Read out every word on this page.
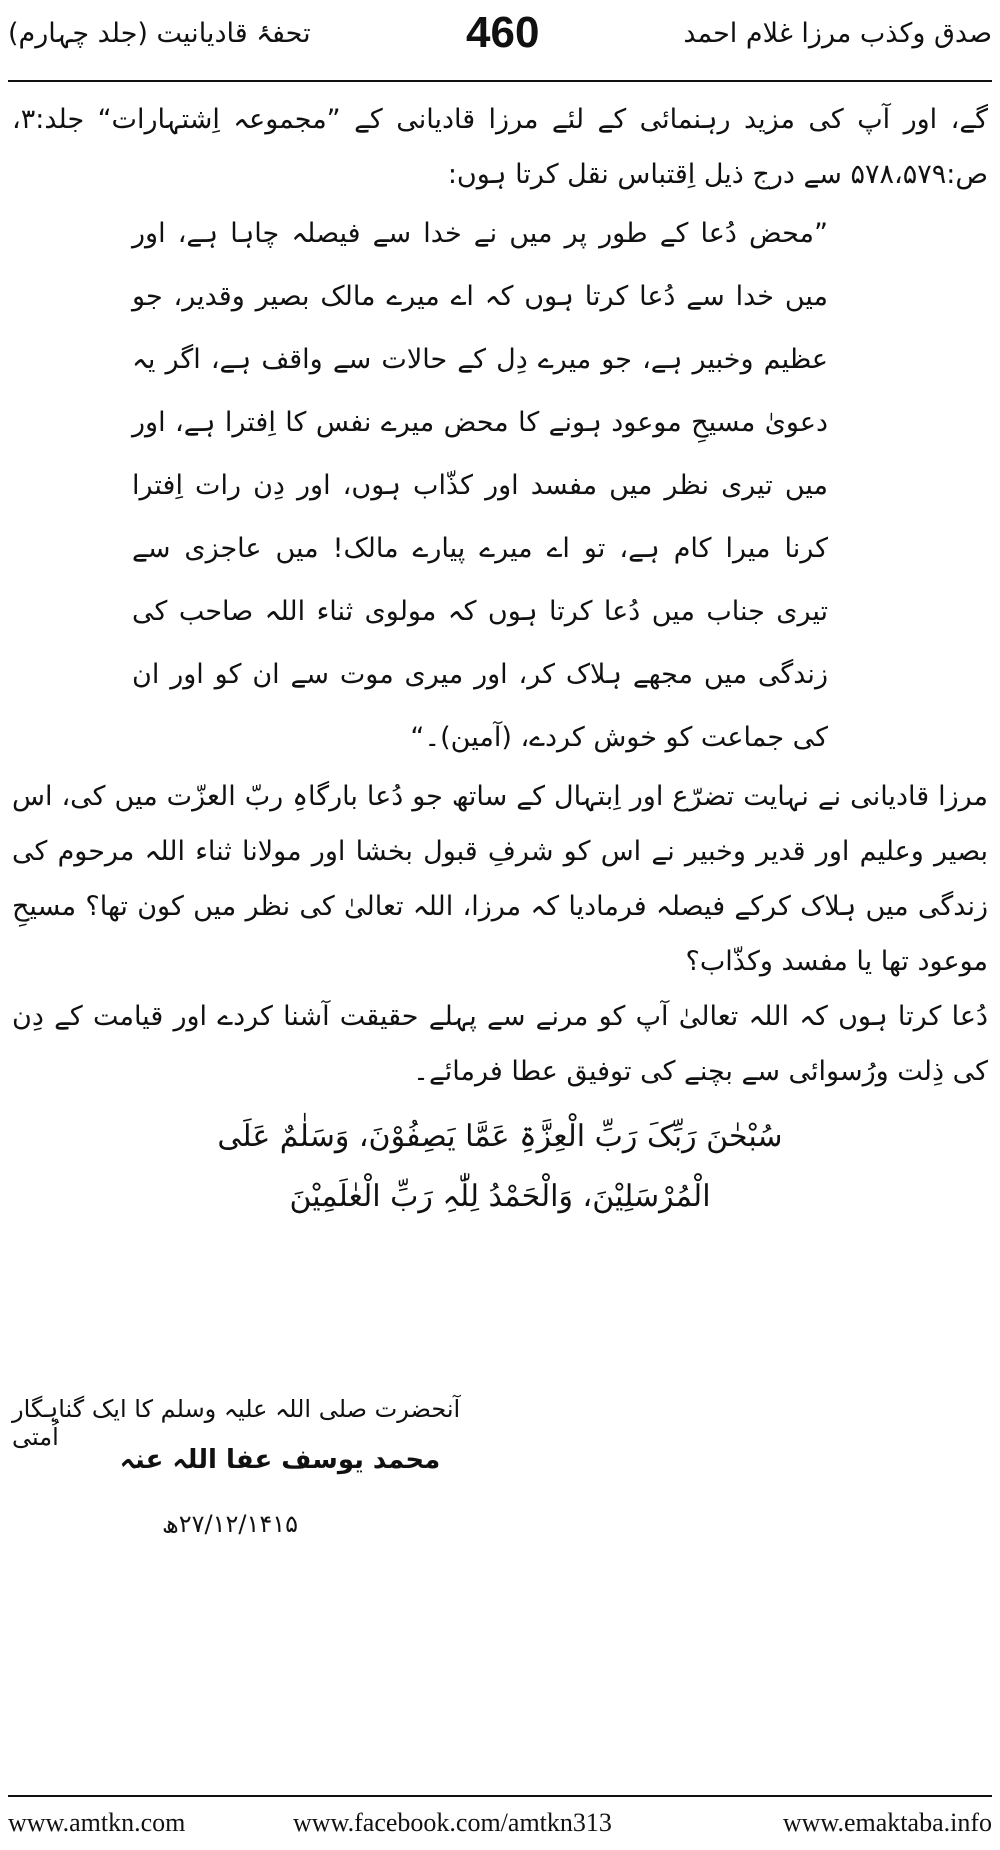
تحفۂ قادیانیت (جلد چہارم)	460	صدق وکذب مرزا غلام احمد

گے، اور آپ کی مزید رہنمائی کے لئے مرزا قادیانی کے ”مجموعہ اِشتہارات“ جلد:۳، ص:۵۷۸،۵۷۹ سے درج ذیل اِقتباس نقل کرتا ہوں:

”محض دُعا کے طور پر میں نے خدا سے فیصلہ چاہا ہے، اور میں خدا سے دُعا کرتا ہوں کہ اے میرے مالک بصیر وقدیر، جو عظیم وخبیر ہے، جو میرے دِل کے حالات سے واقف ہے، اگر یہ دعویٰ مسیحِ موعود ہونے کا محض میرے نفس کا اِفترا ہے، اور میں تیری نظر میں مفسد اور کذّاب ہوں، اور دِن رات اِفترا کرنا میرا کام ہے، تو اے میرے پیارے مالک! میں عاجزی سے تیری جناب میں دُعا کرتا ہوں کہ مولوی ثناء اللہ صاحب کی زندگی میں مجھے ہلاک کر، اور میری موت سے ان کو اور ان کی جماعت کو خوش کردے، (آمین)۔“

مرزا قادیانی نے نہایت تضرّع اور اِبتہال کے ساتھ جو دُعا بارگاہِ ربّ العزّت میں کی، اس بصیر وعلیم اور قدیر وخبیر نے اس کو شرفِ قبول بخشا اور مولانا ثناء اللہ مرحوم کی زندگی میں ہلاک کرکے فیصلہ فرمادیا کہ مرزا، اللہ تعالیٰ کی نظر میں کون تھا؟ مسیحِ موعود تھا یا مفسد وکذّاب؟

دُعا کرتا ہوں کہ اللہ تعالیٰ آپ کو مرنے سے پہلے حقیقت آشنا کردے اور قیامت کے دِن کی ذِلت ورُسوائی سے بچنے کی توفیق عطا فرمائے۔

سُبْحٰنَ رَبِّکَ رَبِّ الْعِزَّۃِ عَمَّا یَصِفُوْنَ، وَسَلٰمٌ عَلَی
الْمُرْسَلِیْنَ، وَالْحَمْدُ لِلّٰہِ رَبِّ الْعٰلَمِیْنَ

آنحضرت صلی اللہ علیہ وسلم کا ایک گناہگار اُمتی
محمد یوسف عفا اللہ عنہ
۲۷/۱۲/۱۴۱۵ھ
www.amtkn.com	www.facebook.com/amtkn313	www.emaktaba.info
